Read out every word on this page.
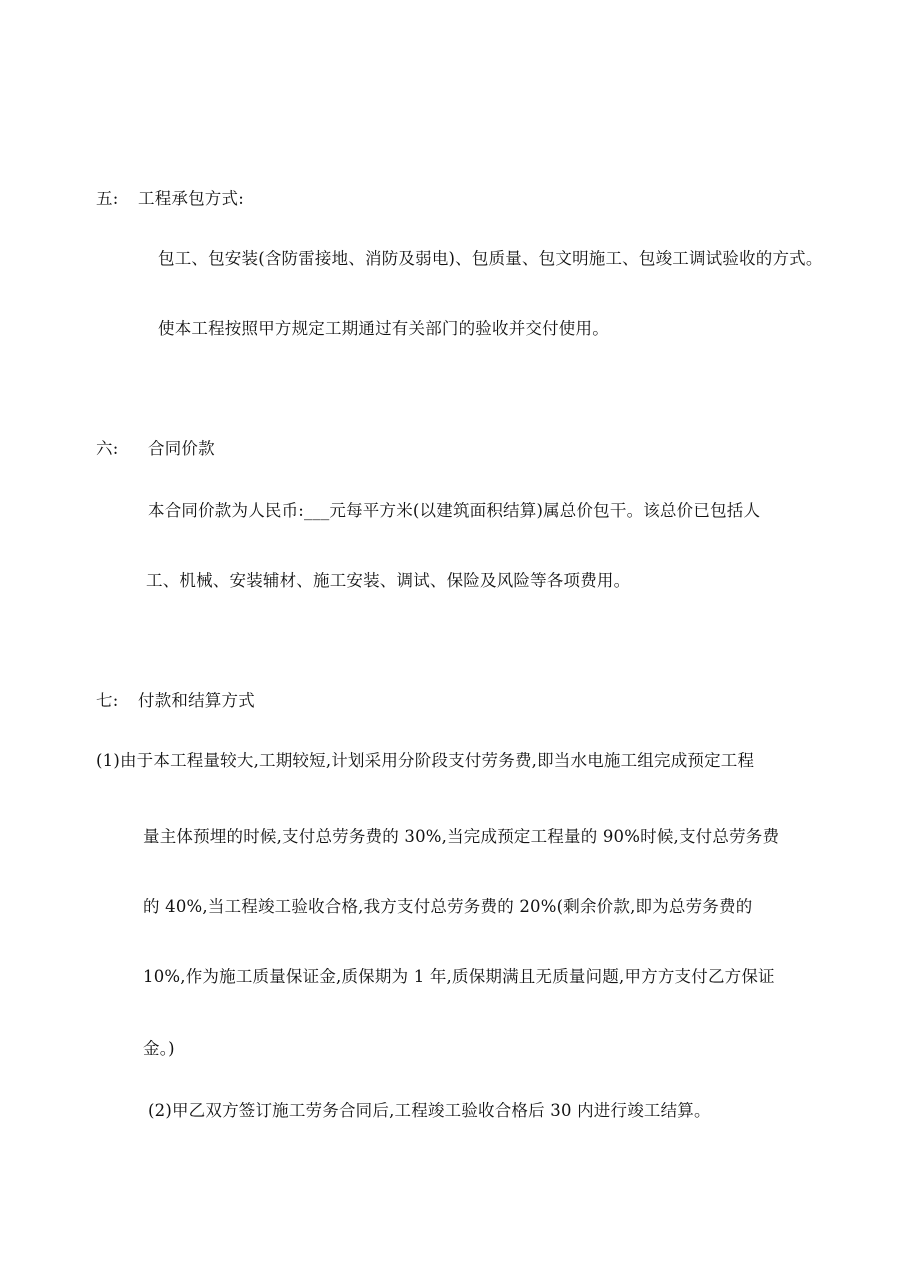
五: 工程承包方式:
包工、包安装(含防雷接地、消防及弱电)、包质量、包文明施工、包竣工调试验收的方式。
使本工程按照甲方规定工期通过有关部门的验收并交付使用。
六: 合同价款
本合同价款为人民币:___元每平方米(以建筑面积结算)属总价包干。该总价已包括人
工、机械、安装辅材、施工安装、调试、保险及风险等各项费用。
七: 付款和结算方式
(1)由于本工程量较大,工期较短,计划采用分阶段支付劳务费,即当水电施工组完成预定工程
量主体预埋的时候,支付总劳务费的 30%,当完成预定工程量的 90%时候,支付总劳务费
的 40%,当工程竣工验收合格,我方支付总劳务费的 20%(剩余价款,即为总劳务费的
10%,作为施工质量保证金,质保期为 1 年,质保期满且无质量问题,甲方方支付乙方保证
金。)
(2)甲乙双方签订施工劳务合同后,工程竣工验收合格后 30 内进行竣工结算。
